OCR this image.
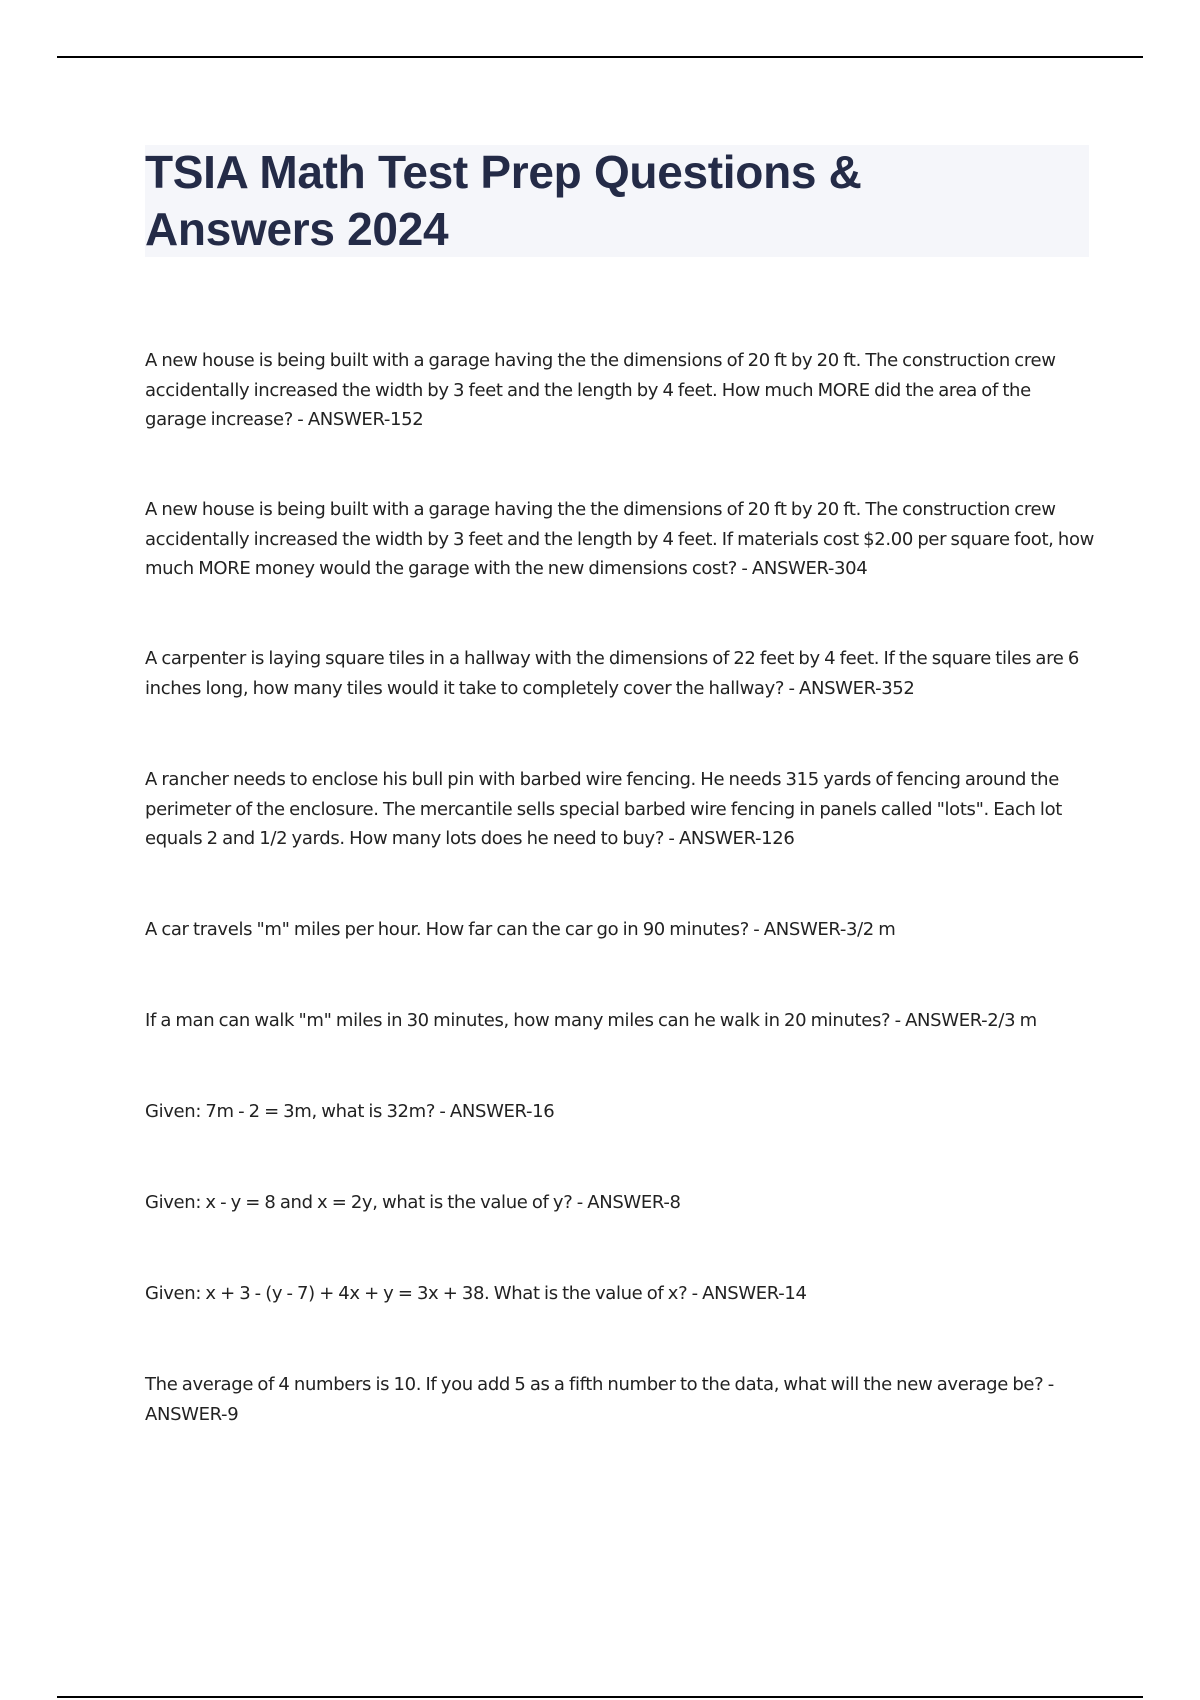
TSIA Math Test Prep Questions & Answers 2024

A new house is being built with a garage having the the dimensions of 20 ft by 20 ft. The construction crew accidentally increased the width by 3 feet and the length by 4 feet. How much MORE did the area of the garage increase? - ANSWER-152

A new house is being built with a garage having the the dimensions of 20 ft by 20 ft. The construction crew accidentally increased the width by 3 feet and the length by 4 feet. If materials cost $2.00 per square foot, how much MORE money would the garage with the new dimensions cost? - ANSWER-304

A carpenter is laying square tiles in a hallway with the dimensions of 22 feet by 4 feet. If the square tiles are 6 inches long, how many tiles would it take to completely cover the hallway? - ANSWER-352

A rancher needs to enclose his bull pin with barbed wire fencing. He needs 315 yards of fencing around the perimeter of the enclosure. The mercantile sells special barbed wire fencing in panels called "lots". Each lot equals 2 and 1/2 yards. How many lots does he need to buy? - ANSWER-126

A car travels "m" miles per hour. How far can the car go in 90 minutes? - ANSWER-3/2 m

If a man can walk "m" miles in 30 minutes, how many miles can he walk in 20 minutes? - ANSWER-2/3 m

Given: 7m - 2 = 3m, what is 32m? - ANSWER-16

Given: x - y = 8 and x = 2y, what is the value of y? - ANSWER-8

Given: x + 3 - (y - 7) + 4x + y = 3x + 38. What is the value of x? - ANSWER-14

The average of 4 numbers is 10. If you add 5 as a fifth number to the data, what will the new average be? - ANSWER-9
